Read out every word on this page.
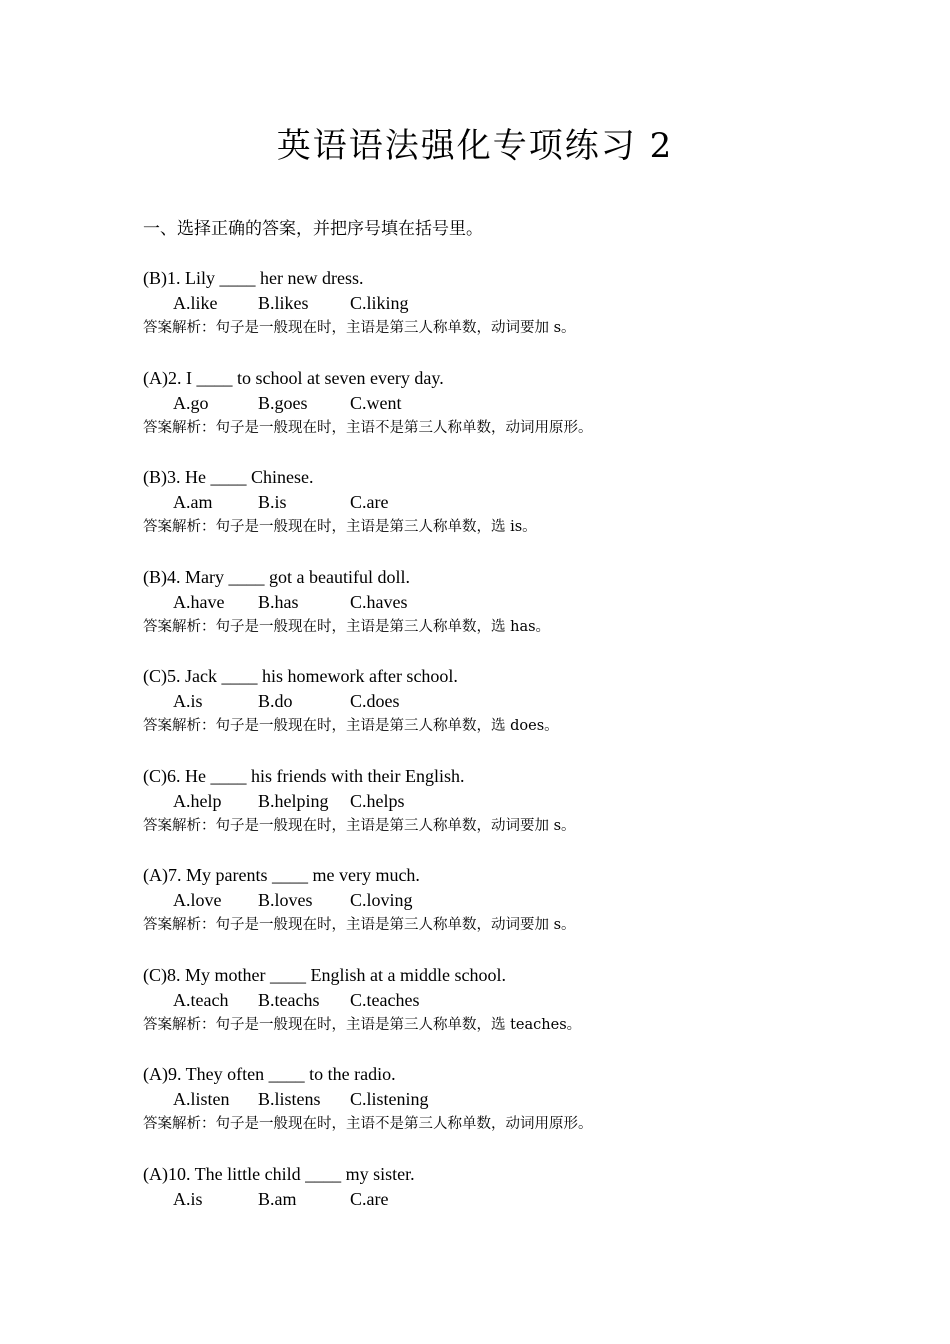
英语语法强化专项练习 2
一、选择正确的答案，并把序号填在括号里。
(B)1. Lily ____ her new dress.
A.like B.likes C.liking
答案解析：句子是一般现在时，主语是第三人称单数，动词要加 s。
(A)2. I ____ to school at seven every day.
A.go	B.goes C.went
答案解析：句子是一般现在时，主语不是第三人称单数，动词用原形。
(B)3. He ____ Chinese.
A.am	B.is	C.are
答案解析：句子是一般现在时，主语是第三人称单数，选 is。
(B)4. Mary ____ got a beautiful doll.
A.have B.has	C.haves
答案解析：句子是一般现在时，主语是第三人称单数，选 has。
(C)5. Jack ____ his homework after school.
A.is	B.do	C.does
答案解析：句子是一般现在时，主语是第三人称单数，选 does。
(C)6. He ____ his friends with their English.
A.help B.helping C.helps
答案解析：句子是一般现在时，主语是第三人称单数，动词要加 s。
(A)7. My parents ____ me very much.
A.love B.loves C.loving
答案解析：句子是一般现在时，主语是第三人称单数，动词要加 s。
(C)8. My mother ____ English at a middle school.
A.teach B.teachs C.teaches
答案解析：句子是一般现在时，主语是第三人称单数，选 teaches。
(A)9. They often ____ to the radio.
A.listen B.listens C.listening
答案解析：句子是一般现在时，主语不是第三人称单数，动词用原形。
(A)10. The little child ____ my sister.
A.is	B.am	C.are
